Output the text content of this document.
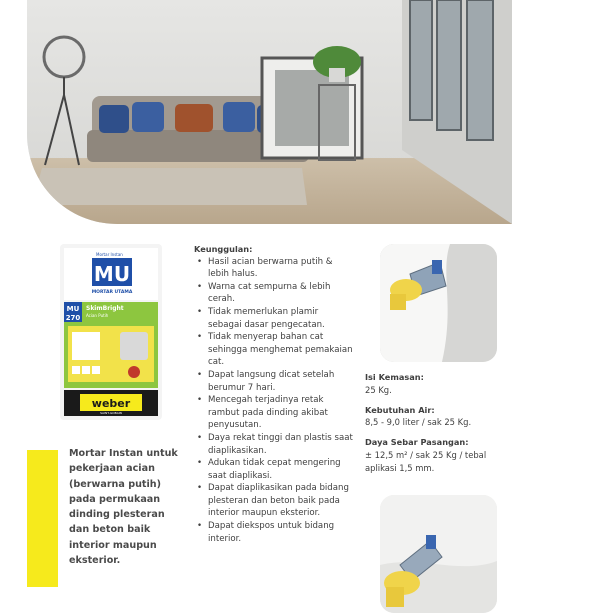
Mortar Instan
MU
MORTAR UTAMA
MU
270
SkimBright
Acian Putih
weber
SAINT-GOBAIN
Mortar Instan untuk pekerjaan acian (berwarna putih) pada permukaan dinding plesteran dan beton baik interior maupun eksterior.
Keunggulan:
• Hasil acian berwarna putih & lebih halus.
• Warna cat sempurna & lebih cerah.
• Tidak memerlukan plamir sebagai dasar pengecatan.
• Tidak menyerap bahan cat sehingga menghemat pemakaian cat.
• Dapat langsung dicat setelah berumur 7 hari.
• Mencegah terjadinya retak rambut pada dinding akibat penyusutan.
• Daya rekat tinggi dan plastis saat diaplikasikan.
• Adukan tidak cepat mengering saat diaplikasi.
• Dapat diaplikasikan pada bidang plesteran dan beton baik pada interior maupun eksterior.
• Dapat diekspos untuk bidang interior.
Isi Kemasan:
25 Kg.
Kebutuhan Air:
8,5 - 9,0 liter / sak 25 Kg.
Daya Sebar Pasangan:
± 12,5 m² / sak 25 Kg / tebal aplikasi 1,5 mm.
